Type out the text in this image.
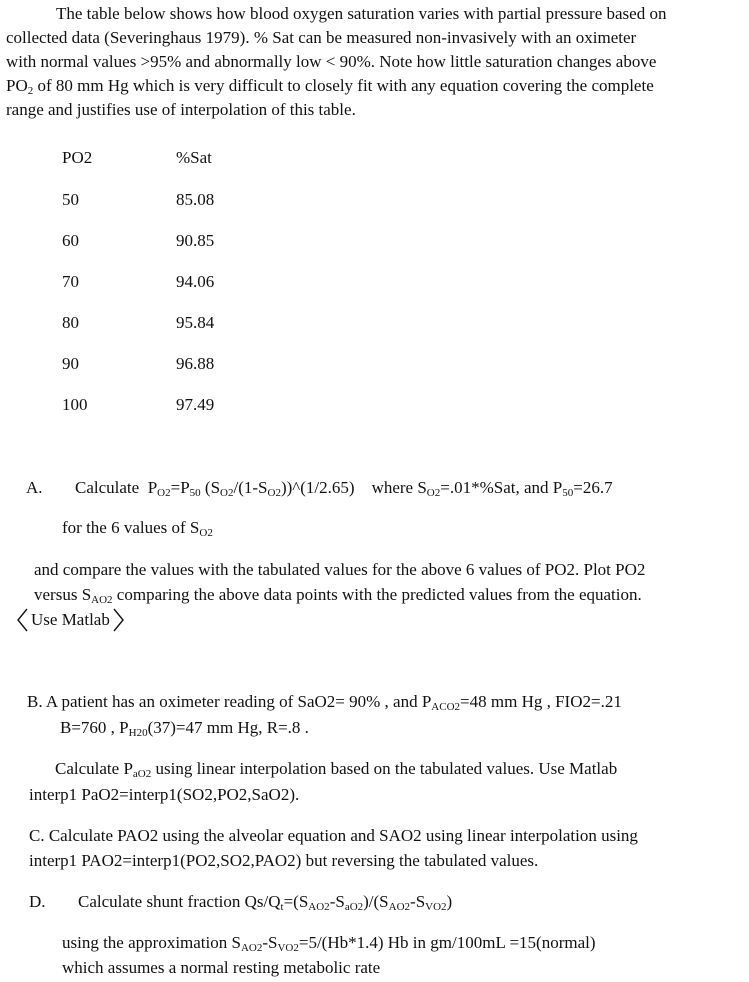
The table below shows how blood oxygen saturation varies with partial pressure based on
collected data (Severinghaus 1979). % Sat can be measured non-invasively with an oximeter
with normal values >95% and abnormally low < 90%. Note how little saturation changes above
$PO_2$ of 80 mm Hg which is very difficult to closely fit with any equation covering the complete
range and justifies use of interpolation of this table.
PO2	%Sat
50	85.08
60	90.85
70	94.06
80	95.84
90	96.88
100	97.49
A. Calculate $P_{O2}=P_{50}$ $(S_{O2}/(1-S_{O2}))\^{}(1/2.65)$ where $S_{O2}=.01*\%Sat$, and $P_{50}=26.7$
for the 6 values of $S_{O2}$
and compare the values with the tabulated values for the above 6 values of PO2. Plot PO2
versus $S_{AO2}$ comparing the above data points with the predicted values from the equation.
Use Matlab
B. A patient has an oximeter reading of SaO2= 90% , and $P_{ACO2}=48$ mm Hg , FIO2=.21
B=760 , $P_{H20}(37)=47$ mm Hg, R=.8 .
Calculate $P_{aO2}$ using linear interpolation based on the tabulated values. Use Matlab
interp1 PaO2=interp1(SO2,PO2,SaO2).
C. Calculate PAO2 using the alveolar equation and SAO2 using linear interpolation using
interp1 PAO2=interp1(PO2,SO2,PAO2) but reversing the tabulated values.
D. Calculate shunt fraction $Qs/Q_t=(S_{AO2}-S_{aO2})/(S_{AO2}-S_{VO2})$
using the approximation $S_{AO2}-S_{VO2}=5/(Hb*1.4)$ Hb in gm/100mL =15(normal)
which assumes a normal resting metabolic rate
